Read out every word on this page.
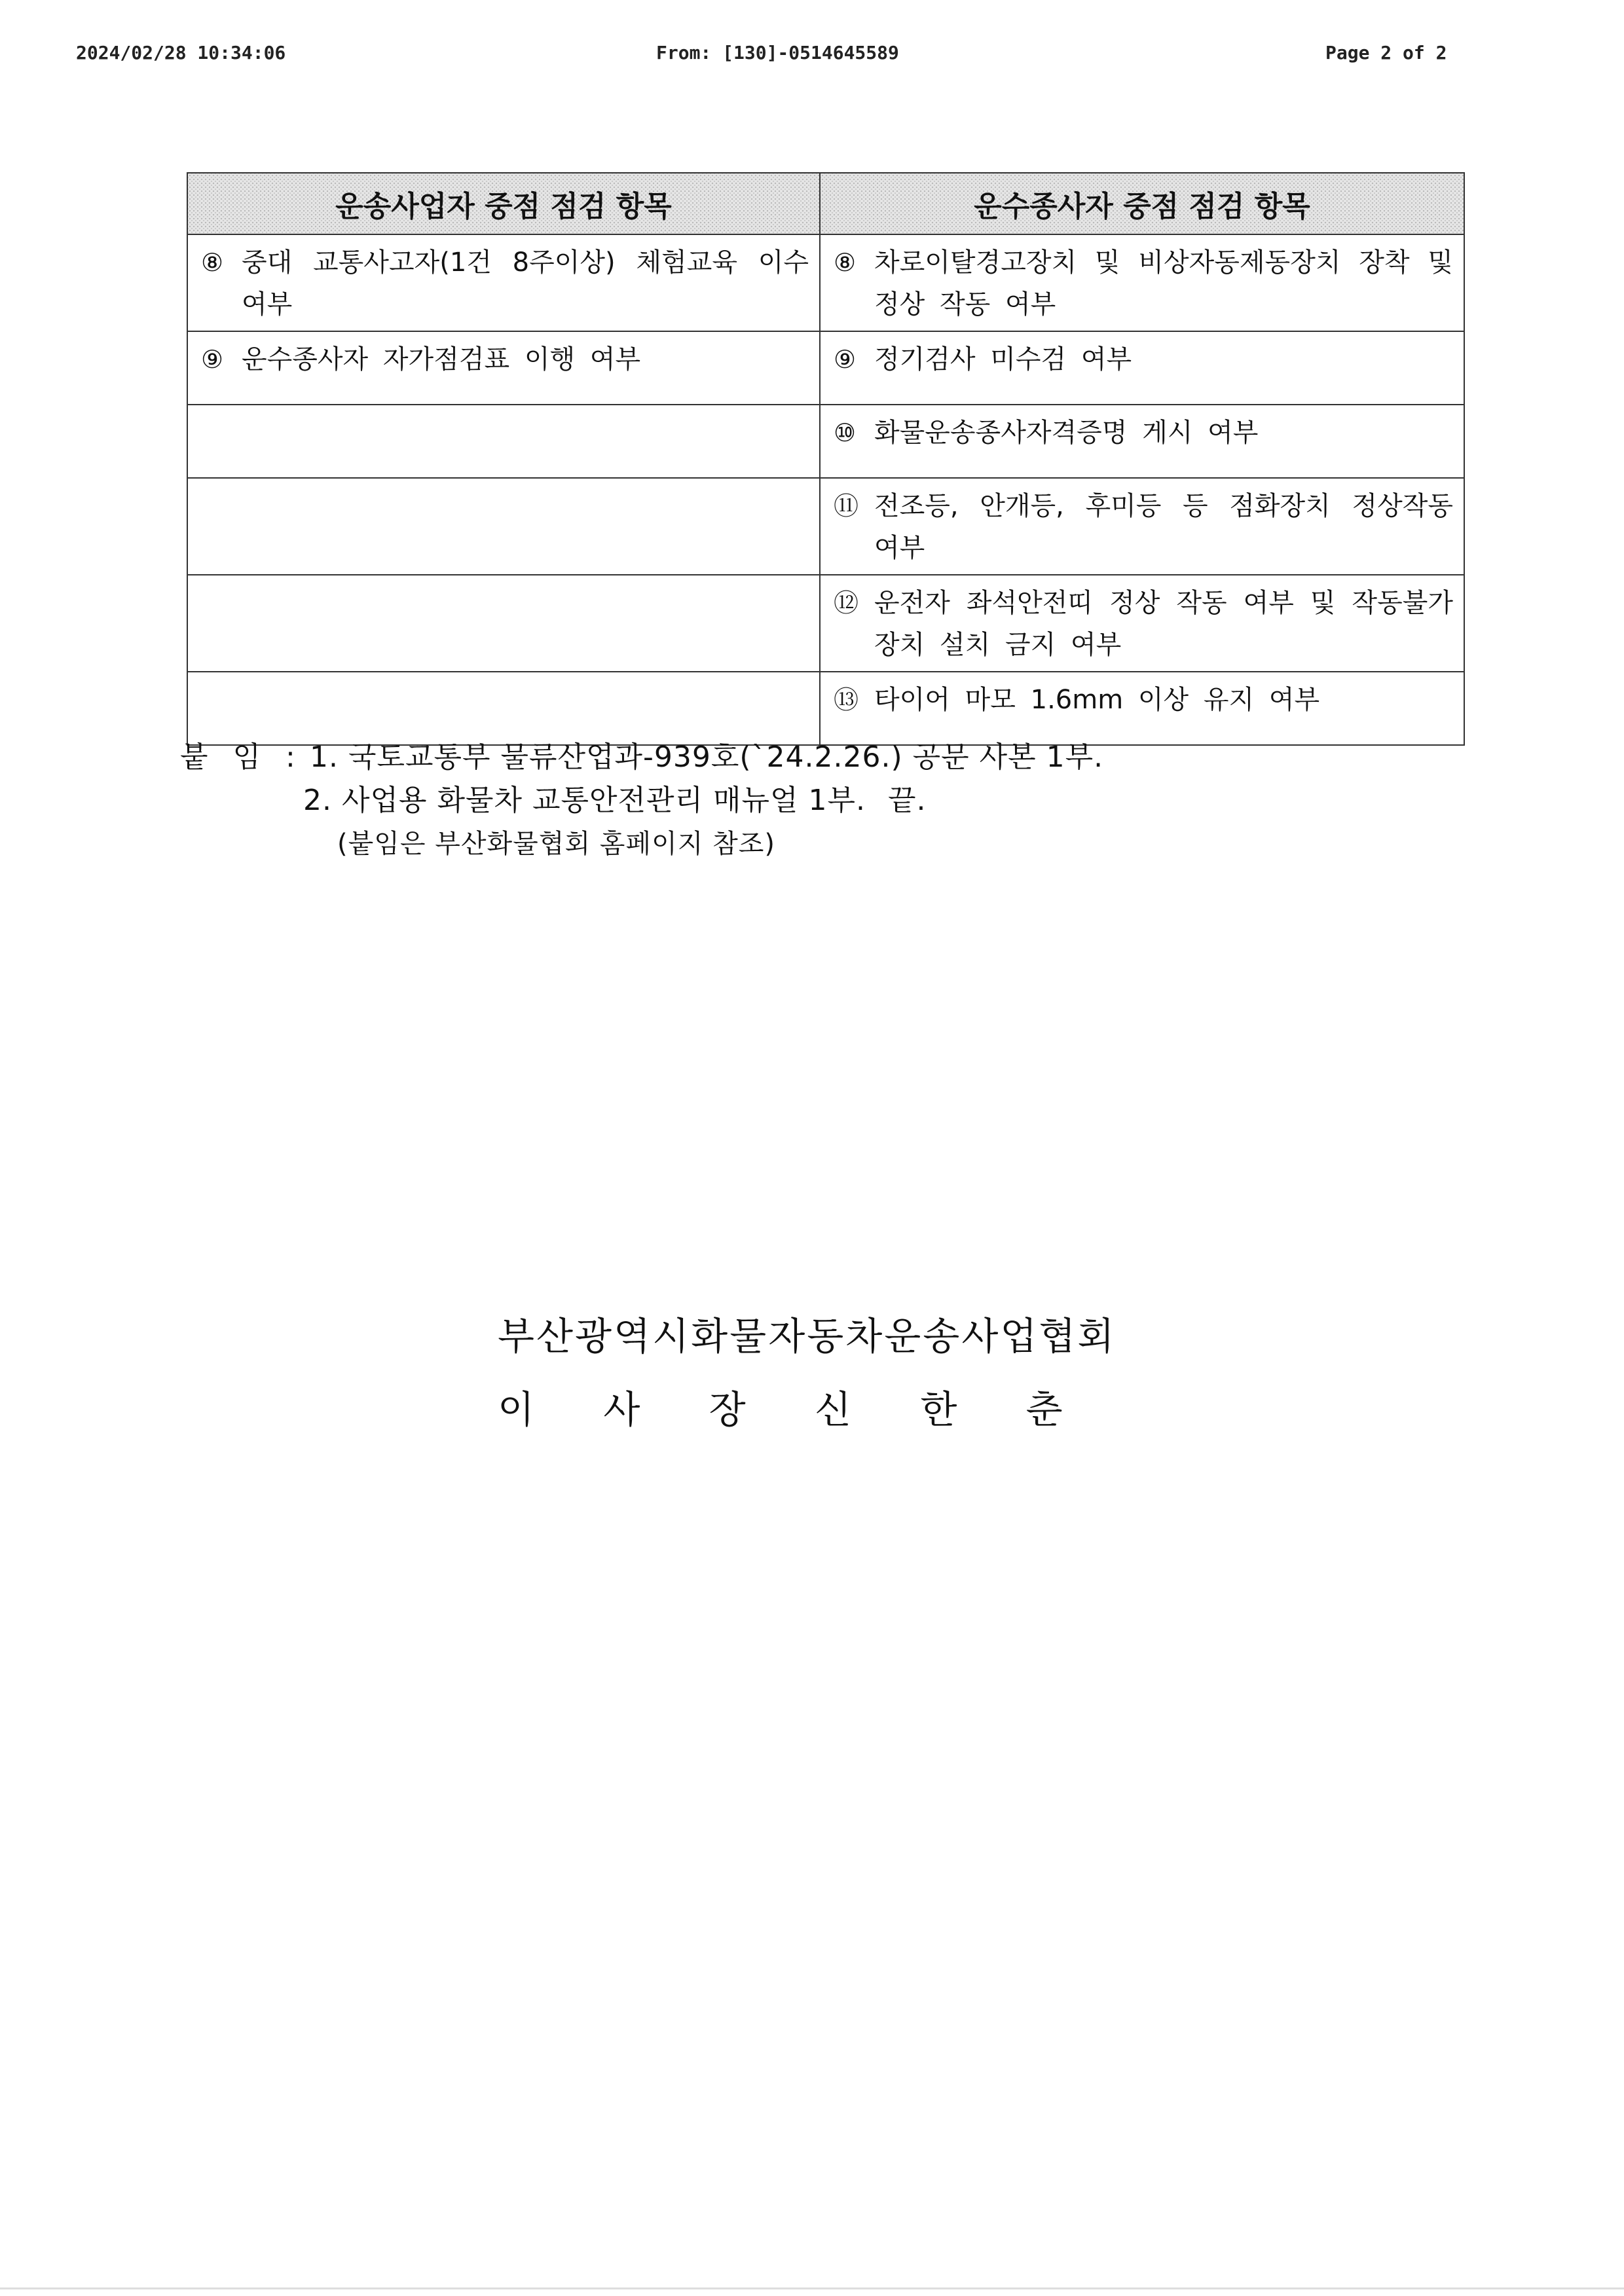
2024/02/28 10:34:06	From: [130]-0514645589	Page 2 of 2
운송사업자 중점 점검 항목	운수종사자 중점 점검 항목

⑧ 중대 교통사고자(1건 8주이상) 체험교육 이수 여부	⑧ 차로이탈경고장치 및 비상자동제동장치 장착 및 정상 작동 여부

⑨ 운수종사자 자가점검표 이행 여부	⑨ 정기검사 미수검 여부

	⑩ 화물운송종사자격증명 게시 여부

	⑪ 전조등, 안개등, 후미등 등 점화장치 정상작동 여부

	⑫ 운전자 좌석안전띠 정상 작동 여부 및 작동불가 장치 설치 금지 여부

	⑬ 타이어 마모 1.6mm 이상 유지 여부
붙 임 : 1. 국토교통부 물류산업과-939호(`24.2.26.) 공문 사본 1부.
2. 사업용 화물차 교통안전관리 매뉴얼 1부. 끝.
(붙임은 부산화물협회 홈페이지 참조)
부산광역시화물자동차운송사업협회
이	사	장	신	한	춘
